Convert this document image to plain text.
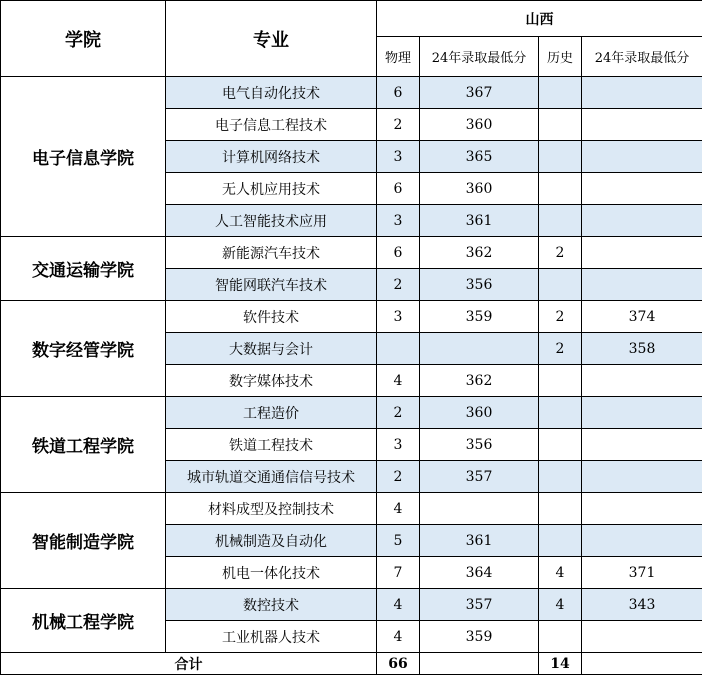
学院	专业	山西			
		物理	24年录取最低分	历史	24年录取最低分
电子信息学院	电气自动化技术	6	367		
	电子信息工程技术	2	360		
	计算机网络技术	3	365		
	无人机应用技术	6	360		
	人工智能技术应用	3	361		
交通运输学院	新能源汽车技术	6	362	2	
	智能网联汽车技术	2	356		
数字经管学院	软件技术	3	359	2	374
	大数据与会计			2	358
	数字媒体技术	4	362		
铁道工程学院	工程造价	2	360		
	铁道工程技术	3	356		
	城市轨道交通通信信号技术	2	357		
智能制造学院	材料成型及控制技术	4			
	机械制造及自动化	5	361		
	机电一体化技术	7	364	4	371
机械工程学院	数控技术	4	357	4	343
	工业机器人技术	4	359		
合计		66		14	
